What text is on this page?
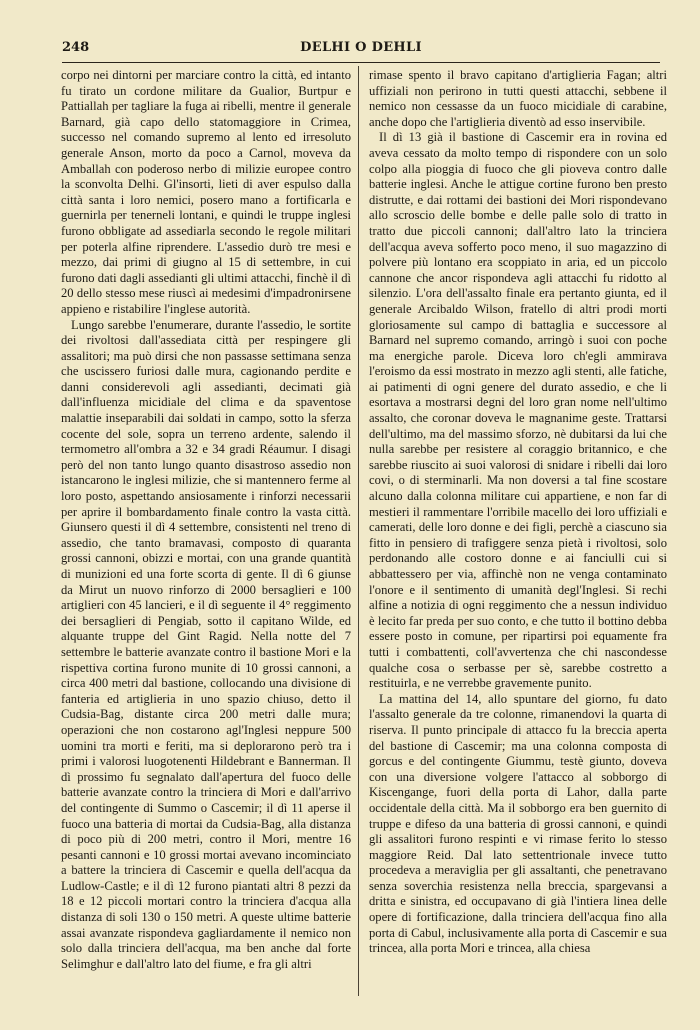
248	DELHI O DEHLI

corpo nei dintorni per marciare contro la città, ed intanto fu tirato un cordone militare da Gualior, Burtpur e Pattiallah per tagliare la fuga ai ribelli, mentre il generale Barnard, già capo dello statomaggiore in Crimea, successo nel comando supremo al lento ed irresoluto generale Anson, morto da poco a Carnol, moveva da Amballah con poderoso nerbo di milizie europee contro la sconvolta Delhi. Gl'insorti, lieti di aver espulso dalla città santa i loro nemici, posero mano a fortificarla e guernirla per tenerneli lontani, e quindi le truppe inglesi furono obbligate ad assediarla secondo le regole militari per poterla alfine riprendere. L'assedio durò tre mesi e mezzo, dai primi di giugno al 15 di settembre, in cui furono dati dagli assedianti gli ultimi attacchi, finchè il dì 20 dello stesso mese riuscì ai medesimi d'impadronirsene appieno e ristabilire l'inglese autorità.

Lungo sarebbe l'enumerare, durante l'assedio, le sortite dei rivoltosi dall'assediata città per respingere gli assalitori; ma può dirsi che non passasse settimana senza che uscissero furiosi dalle mura, cagionando perdite e danni considerevoli agli assedianti, decimati già dall'influenza micidiale del clima e da spaventose malattie inseparabili dai soldati in campo, sotto la sferza cocente del sole, sopra un terreno ardente, salendo il termometro all'ombra a 32 e 34 gradi Réaumur. I disagi però del non tanto lungo quanto disastroso assedio non istancarono le inglesi milizie, che si mantennero ferme al loro posto, aspettando ansiosamente i rinforzi necessarii per aprire il bombardamento finale contro la vasta città. Giunsero questi il dì 4 settembre, consistenti nel treno di assedio, che tanto bramavasi, composto di quaranta grossi cannoni, obizzi e mortai, con una grande quantità di munizioni ed una forte scorta di gente. Il dì 6 giunse da Mirut un nuovo rinforzo di 2000 bersaglieri e 100 artiglieri con 45 lancieri, e il dì seguente il 4° reggimento dei bersaglieri di Pengiab, sotto il capitano Wilde, ed alquante truppe del Gint Ragid. Nella notte del 7 settembre le batterie avanzate contro il bastione Mori e la rispettiva cortina furono munite di 10 grossi cannoni, a circa 400 metri dal bastione, collocando una divisione di fanteria ed artiglieria in uno spazio chiuso, detto il Cudsia-Bag, distante circa 200 metri dalle mura; operazioni che non costarono agl'Inglesi neppure 500 uomini tra morti e feriti, ma si deplorarono però tra i primi i valorosi luogotenenti Hildebrant e Bannerman. Il dì prossimo fu segnalato dall'apertura del fuoco delle batterie avanzate contro la trinciera di Mori e dall'arrivo del contingente di Summo o Cascemir; il dì 11 aperse il fuoco una batteria di mortai da Cudsia-Bag, alla distanza di poco più di 200 metri, contro il Mori, mentre 16 pesanti cannoni e 10 grossi mortai avevano incominciato a battere la trinciera di Cascemir e quella dell'acqua da Ludlow-Castle; e il dì 12 furono piantati altri 8 pezzi da 18 e 12 piccoli mortari contro la trinciera d'acqua alla distanza di soli 130 o 150 metri. A queste ultime batterie assai avanzate rispondeva gagliardamente il nemico non solo dalla trinciera dell'acqua, ma ben anche dal forte Selimghur e dall'altro lato del fiume, e fra gli altri

rimase spento il bravo capitano d'artiglieria Fagan; altri uffiziali non perirono in tutti questi attacchi, sebbene il nemico non cessasse da un fuoco micidiale di carabine, anche dopo che l'artiglieria diventò ad esso inservibile.

Il dì 13 già il bastione di Cascemir era in rovina ed aveva cessato da molto tempo di rispondere con un solo colpo alla pioggia di fuoco che gli pioveva contro dalle batterie inglesi. Anche le attigue cortine furono ben presto distrutte, e dai rottami dei bastioni dei Mori rispondevano allo scroscio delle bombe e delle palle solo di tratto in tratto due piccoli cannoni; dall'altro lato la trinciera dell'acqua aveva sofferto poco meno, il suo magazzino di polvere più lontano era scoppiato in aria, ed un piccolo cannone che ancor rispondeva agli attacchi fu ridotto al silenzio. L'ora dell'assalto finale era pertanto giunta, ed il generale Arcibaldo Wilson, fratello di altri prodi morti gloriosamente sul campo di battaglia e successore al Barnard nel supremo comando, arringò i suoi con poche ma energiche parole. Diceva loro ch'egli ammirava l'eroismo da essi mostrato in mezzo agli stenti, alle fatiche, ai patimenti di ogni genere del durato assedio, e che li esortava a mostrarsi degni del loro gran nome nell'ultimo assalto, che coronar doveva le magnanime geste. Trattarsi dell'ultimo, ma del massimo sforzo, nè dubitarsi da lui che nulla sarebbe per resistere al coraggio britannico, e che sarebbe riuscito ai suoi valorosi di snidare i ribelli dai loro covi, o di sterminarli. Ma non doversi a tal fine scostare alcuno dalla colonna militare cui appartiene, e non far di mestieri il rammentare l'orribile macello dei loro uffiziali e camerati, delle loro donne e dei figli, perchè a ciascuno sia fitto in pensiero di trafiggere senza pietà i rivoltosi, solo perdonando alle costoro donne e ai fanciulli cui si abbattessero per via, affinchè non ne venga contaminato l'onore e il sentimento di umanità degl'Inglesi. Si rechi alfine a notizia di ogni reggimento che a nessun individuo è lecito far preda per suo conto, e che tutto il bottino debba essere posto in comune, per ripartirsi poi equamente fra tutti i combattenti, coll'avvertenza che chi nascondesse qualche cosa o serbasse per sè, sarebbe costretto a restituirla, e ne verrebbe gravemente punito.

La mattina del 14, allo spuntare del giorno, fu dato l'assalto generale da tre colonne, rimanendovi la quarta di riserva. Il punto principale di attacco fu la breccia aperta del bastione di Cascemir; ma una colonna composta di gorcus e del contingente Giummu, testè giunto, doveva con una diversione volgere l'attacco al sobborgo di Kiscengange, fuori della porta di Lahor, dalla parte occidentale della città. Ma il sobborgo era ben guernito di truppe e difeso da una batteria di grossi cannoni, e quindi gli assalitori furono respinti e vi rimase ferito lo stesso maggiore Reid. Dal lato settentrionale invece tutto procedeva a meraviglia per gli assaltanti, che penetravano senza soverchia resistenza nella breccia, spargevansi a dritta e sinistra, ed occupavano di già l'intiera linea delle opere di fortificazione, dalla trinciera dell'acqua fino alla porta di Cabul, inclusivamente alla porta di Cascemir e sua trincea, alla porta Mori e trincea, alla chiesa
